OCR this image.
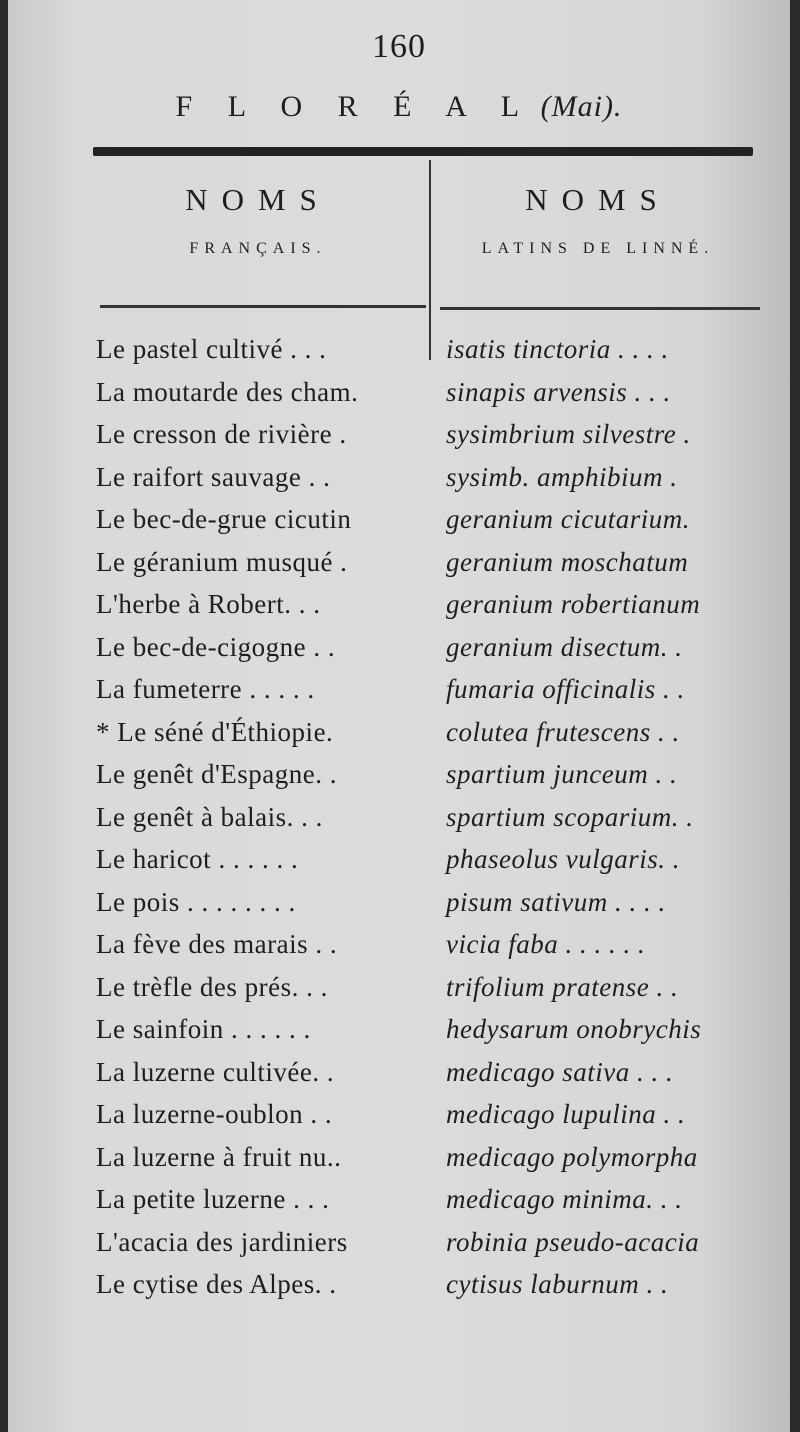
160
F L O R É A L (Mai).
NOMS
FRANÇAIS.
NOMS
LATINS DE LINNÉ.
Le pastel cultivé . . .	isatis tinctoria . . . .
La moutarde des cham.	sinapis arvensis . . .
Le cresson de rivière .	sysimbrium silvestre .
Le raifort sauvage . .	sysimb. amphibium .
Le bec-de-grue cicutin	geranium cicutarium.
Le géranium musqué .	geranium moschatum
L'herbe à Robert. . .	geranium robertianum
Le bec-de-cigogne . .	geranium disectum. .
La fumeterre . . . . .	fumaria officinalis . .
* Le séné d'Éthiopie.	colutea frutescens . .
Le genêt d'Espagne. .	spartium junceum . .
Le genêt à balais. . .	spartium scoparium. .
Le haricot . . . . . .	phaseolus vulgaris. .
Le pois . . . . . . . .	pisum sativum . . . .
La fève des marais . .	vicia faba . . . . . .
Le trèfle des prés. . .	trifolium pratense . .
Le sainfoin . . . . . .	hedysarum onobrychis
La luzerne cultivée. .	medicago sativa . . .
La luzerne-oublon . .	medicago lupulina . .
La luzerne à fruit nu..	medicago polymorpha
La petite luzerne . . .	medicago minima. . .
L'acacia des jardiniers	robinia pseudo-acacia
Le cytise des Alpes. .	cytisus laburnum . .
